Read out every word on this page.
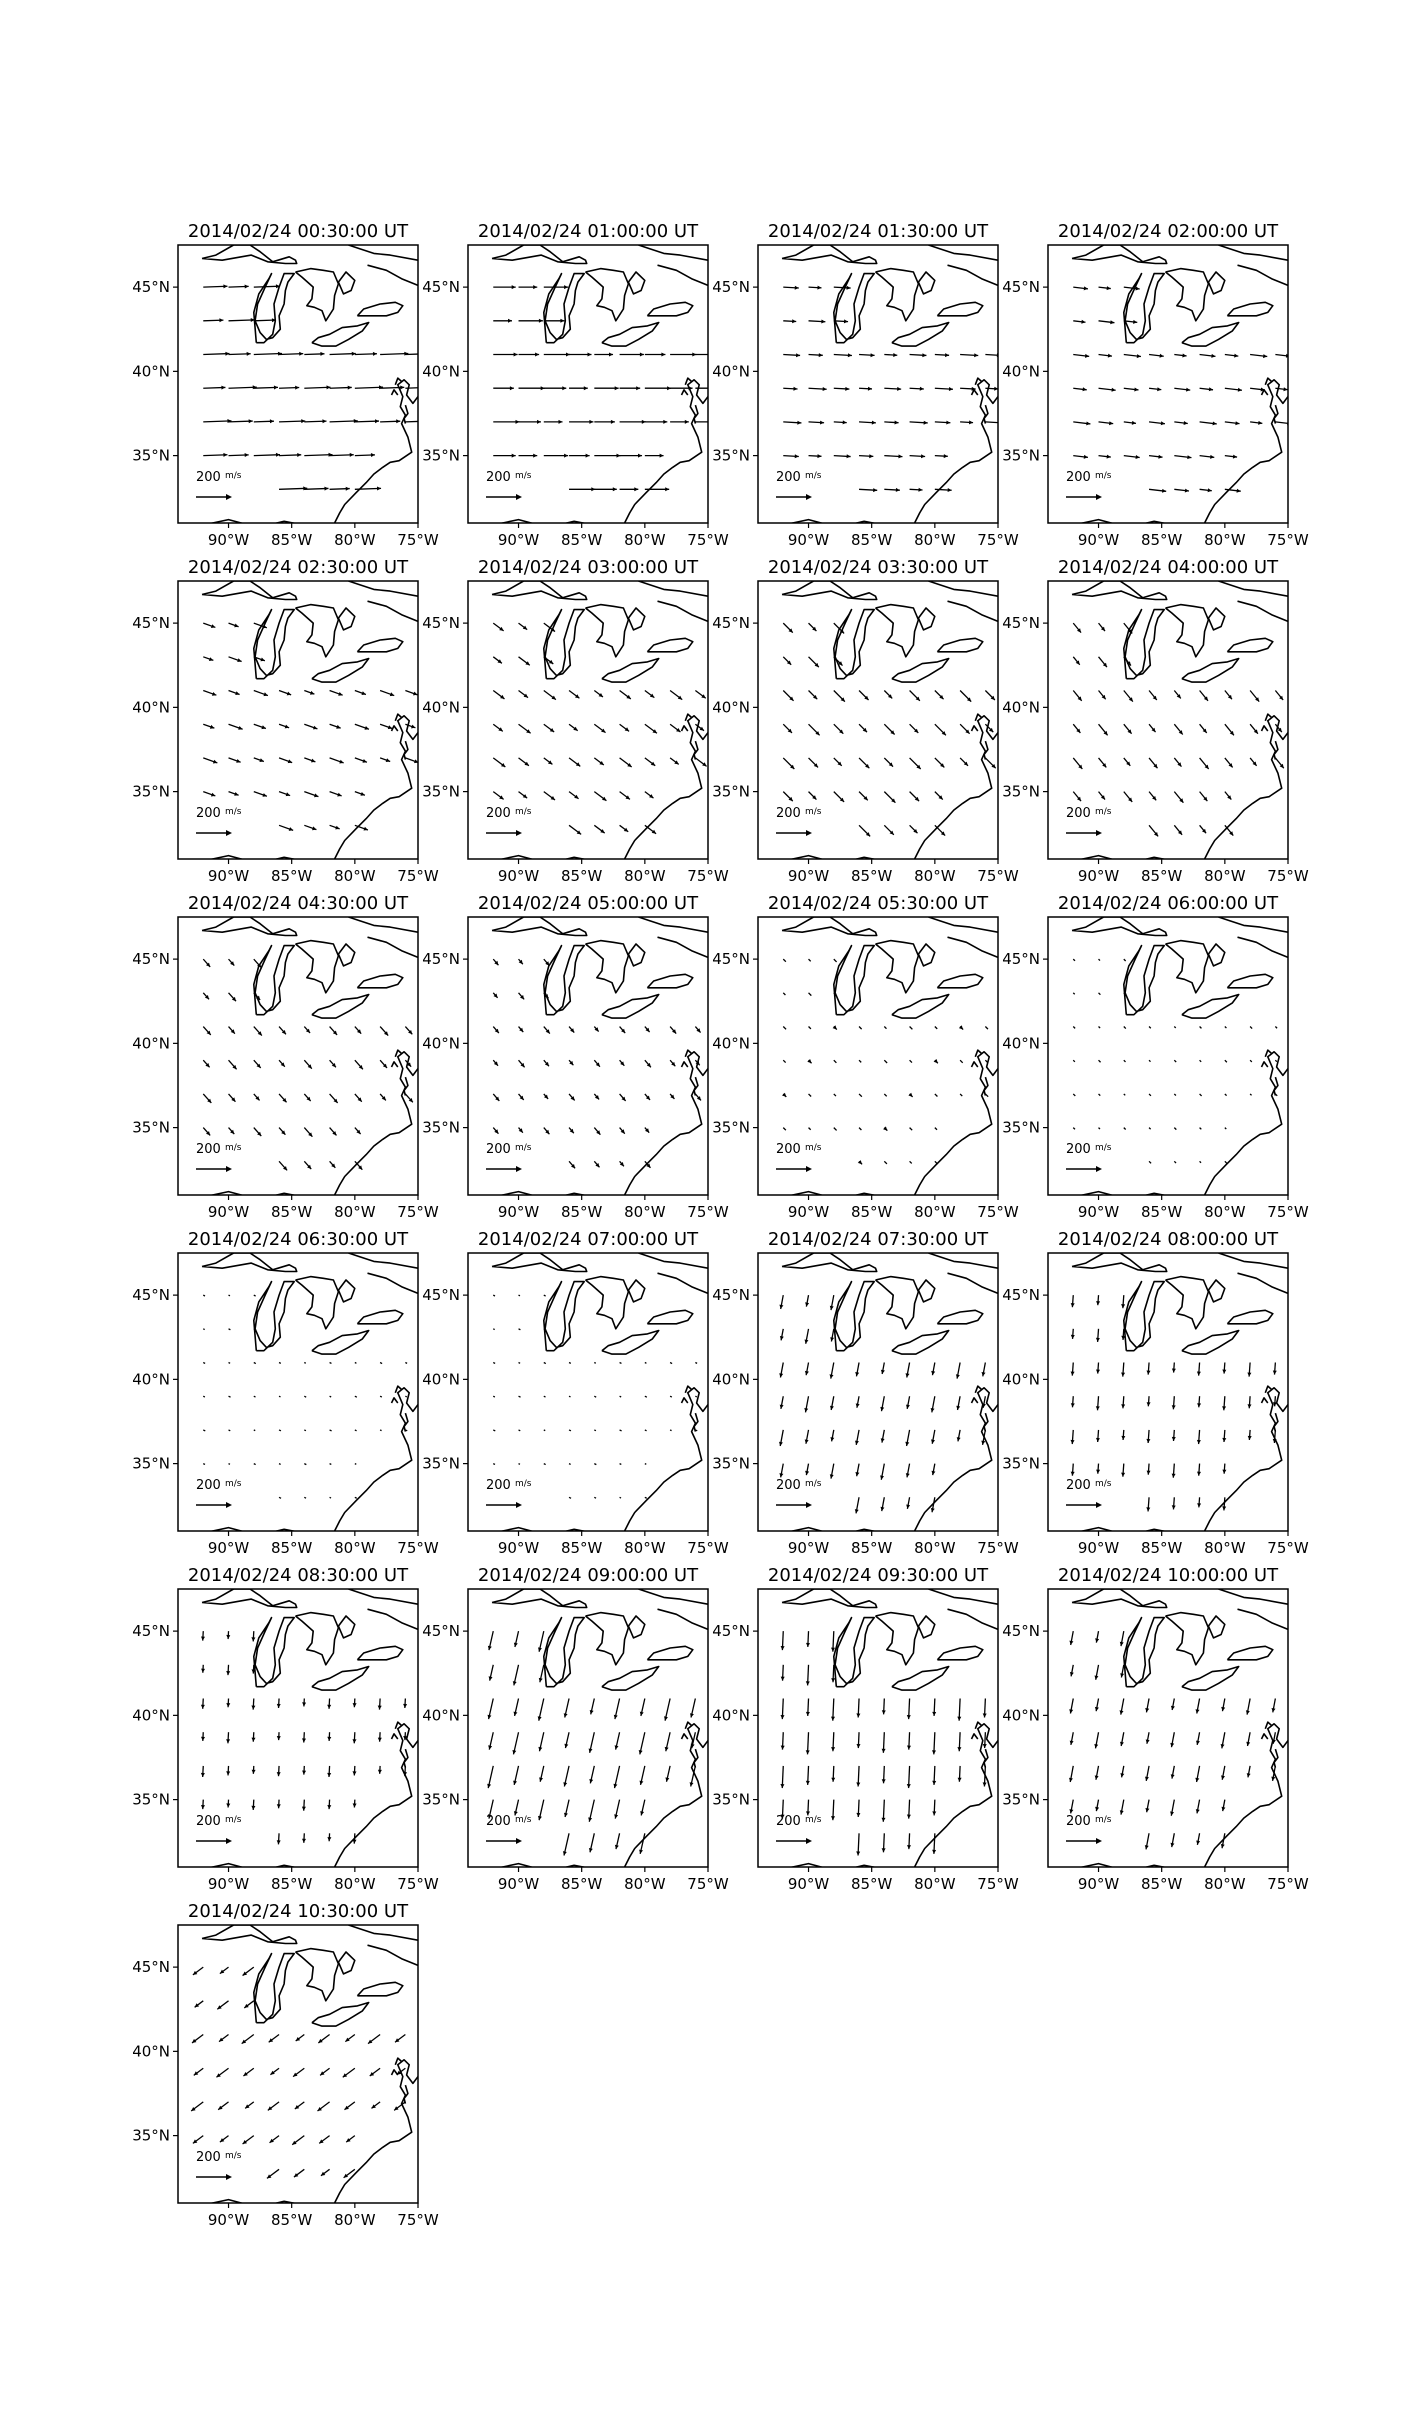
2014/02/24 00:30:00 UT
200 $^{m/s}$
90°W 85°W 80°W 75°W
35°N
40°N
45°N
2014/02/24 01:00:00 UT
200 $^{m/s}$
90°W 85°W 80°W 75°W
35°N
40°N
45°N
2014/02/24 01:30:00 UT
200 $^{m/s}$
90°W 85°W 80°W 75°W
35°N
40°N
45°N
2014/02/24 02:00:00 UT
200 $^{m/s}$
90°W 85°W 80°W 75°W
35°N
40°N
45°N
2014/02/24 02:30:00 UT
200 $^{m/s}$
90°W 85°W 80°W 75°W
35°N
40°N
45°N
2014/02/24 03:00:00 UT
200 $^{m/s}$
90°W 85°W 80°W 75°W
35°N
40°N
45°N
2014/02/24 03:30:00 UT
200 $^{m/s}$
90°W 85°W 80°W 75°W
35°N
40°N
45°N
2014/02/24 04:00:00 UT
200 $^{m/s}$
90°W 85°W 80°W 75°W
35°N
40°N
45°N
2014/02/24 04:30:00 UT
200 $^{m/s}$
90°W 85°W 80°W 75°W
35°N
40°N
45°N
2014/02/24 05:00:00 UT
200 $^{m/s}$
90°W 85°W 80°W 75°W
35°N
40°N
45°N
2014/02/24 05:30:00 UT
200 $^{m/s}$
90°W 85°W 80°W 75°W
35°N
40°N
45°N
2014/02/24 06:00:00 UT
200 $^{m/s}$
90°W 85°W 80°W 75°W
35°N
40°N
45°N
2014/02/24 06:30:00 UT
200 $^{m/s}$
90°W 85°W 80°W 75°W
35°N
40°N
45°N
2014/02/24 07:00:00 UT
200 $^{m/s}$
90°W 85°W 80°W 75°W
35°N
40°N
45°N
2014/02/24 07:30:00 UT
200 $^{m/s}$
90°W 85°W 80°W 75°W
35°N
40°N
45°N
2014/02/24 08:00:00 UT
200 $^{m/s}$
90°W 85°W 80°W 75°W
35°N
40°N
45°N
2014/02/24 08:30:00 UT
200 $^{m/s}$
90°W 85°W 80°W 75°W
35°N
40°N
45°N
2014/02/24 09:00:00 UT
200 $^{m/s}$
90°W 85°W 80°W 75°W
35°N
40°N
45°N
2014/02/24 09:30:00 UT
200 $^{m/s}$
90°W 85°W 80°W 75°W
35°N
40°N
45°N
2014/02/24 10:00:00 UT
200 $^{m/s}$
90°W 85°W 80°W 75°W
35°N
40°N
45°N
2014/02/24 10:30:00 UT
200 $^{m/s}$
90°W 85°W 80°W 75°W
35°N
40°N
45°N
